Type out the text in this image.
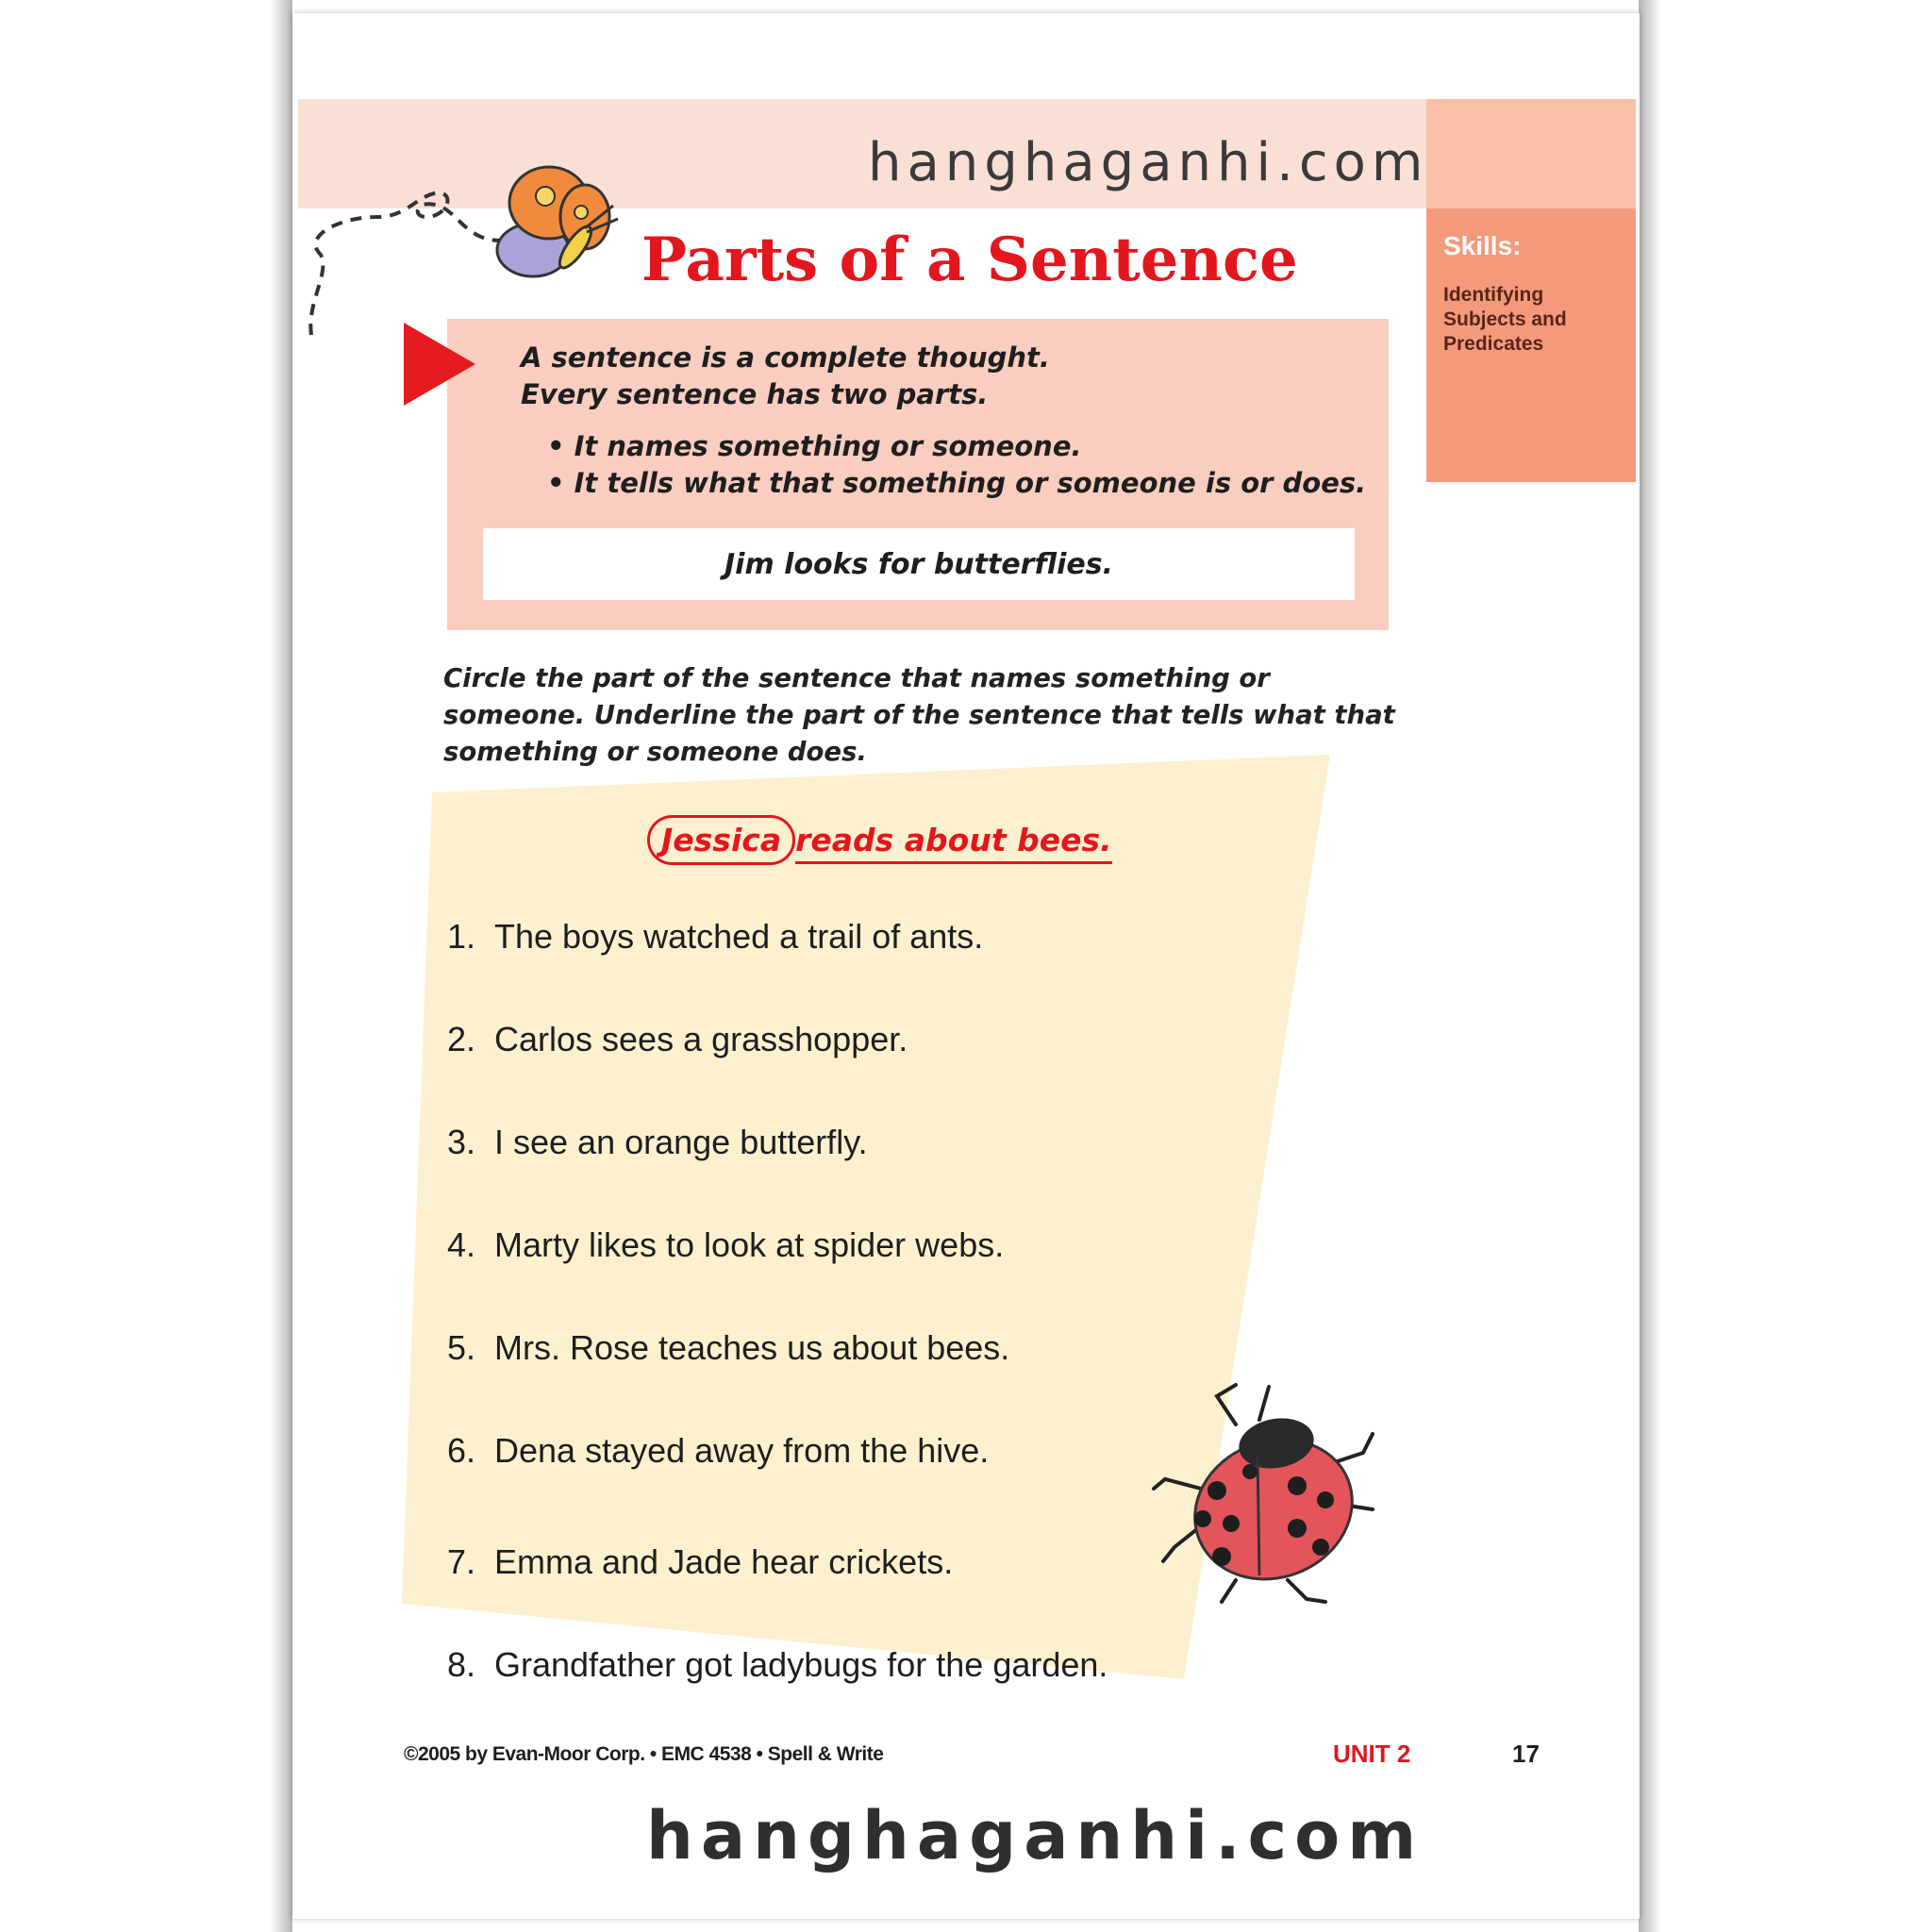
Skills:
Identifying Subjects and Predicates
hanghaganhi.com
Parts of a Sentence
A sentence is a complete thought.
Every sentence has two parts.
• It names something or someone.
• It tells what that something or someone is or does.
Jim looks for butterflies.
Circle the part of the sentence that names something or someone. Underline the part of the sentence that tells what that something or someone does.
Jessica reads about bees.
1. The boys watched a trail of ants.
2. Carlos sees a grasshopper.
3. I see an orange butterfly.
4. Marty likes to look at spider webs.
5. Mrs. Rose teaches us about bees.
6. Dena stayed away from the hive.
7. Emma and Jade hear crickets.
8. Grandfather got ladybugs for the garden.
©2005 by Evan-Moor Corp. • EMC 4538 • Spell & Write	UNIT 2	17
hanghaganhi.com
